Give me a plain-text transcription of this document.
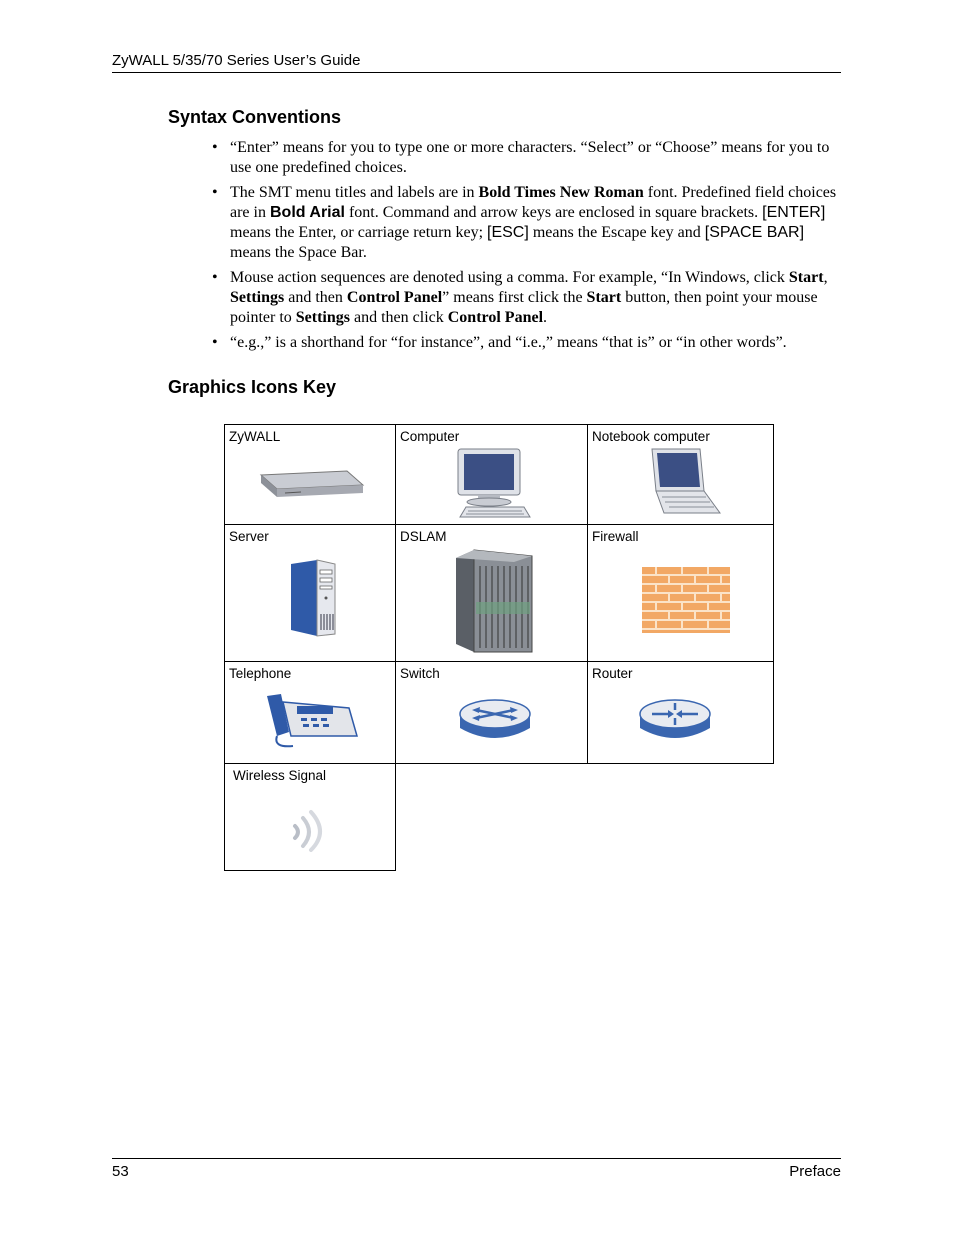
ZyWALL 5/35/70 Series User’s Guide
Syntax Conventions
• “Enter” means for you to type one or more characters. “Select” or “Choose” means for you to use one predefined choices.
• The SMT menu titles and labels are in Bold Times New Roman font. Predefined field choices are in Bold Arial font. Command and arrow keys are enclosed in square brackets. [ENTER] means the Enter, or carriage return key; [ESC] means the Escape key and [SPACE BAR] means the Space Bar.
• Mouse action sequences are denoted using a comma. For example, “In Windows, click Start, Settings and then Control Panel” means first click the Start button, then point your mouse pointer to Settings and then click Control Panel.
• “e.g.,” is a shorthand for “for instance”, and “i.e.,” means “that is” or “in other words”.
Graphics Icons Key
ZyWALL	Computer	Notebook computer

Server	DSLAM	Firewall

Telephone	Switch	Router

Wireless Signal		

53	Preface
